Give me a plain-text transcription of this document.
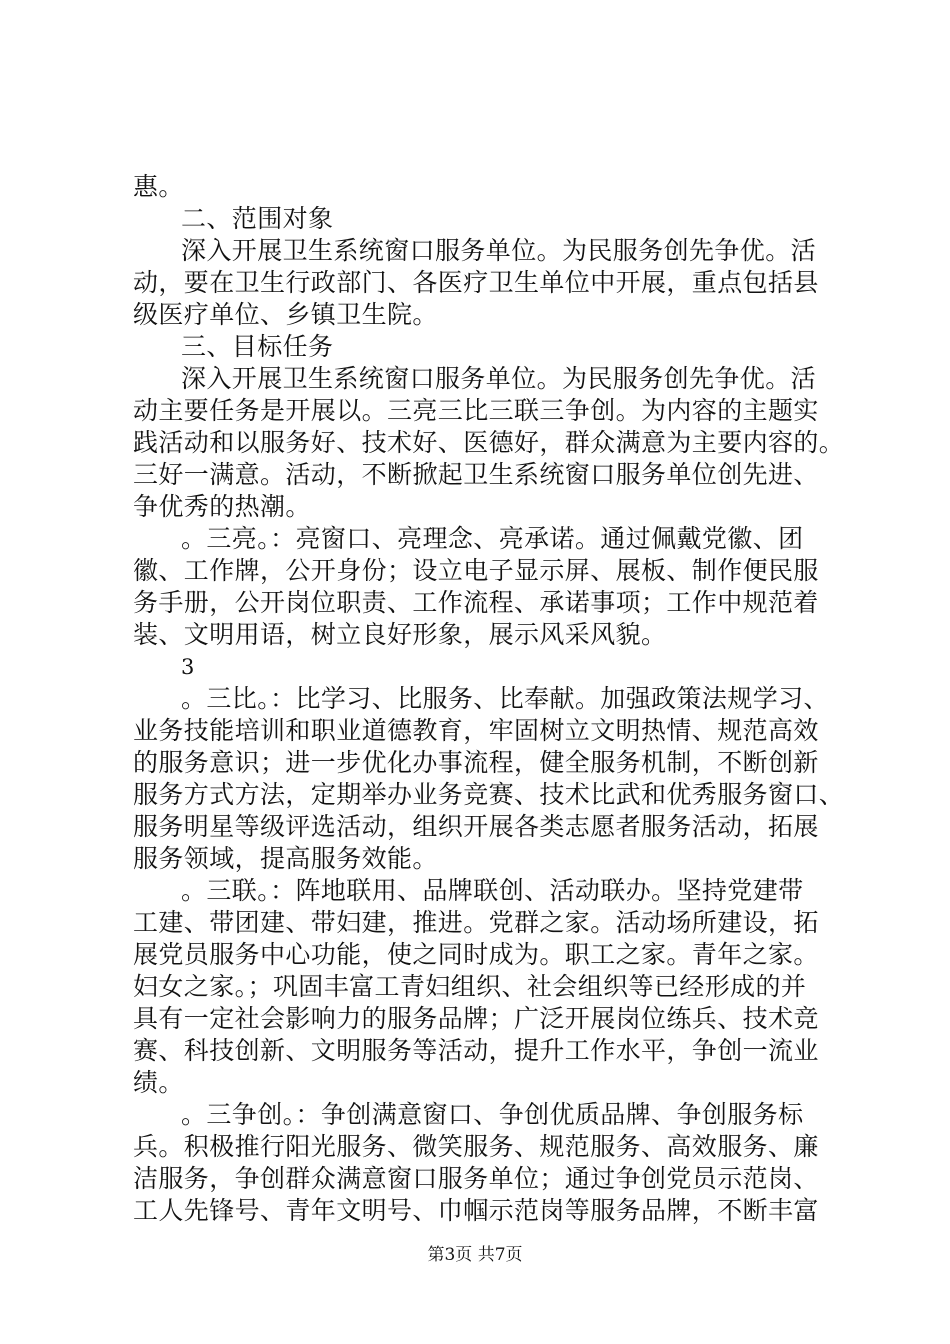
惠。
二、范围对象
深入开展卫生系统窗口服务单位。为民服务创先争优。活
动，要在卫生行政部门、各医疗卫生单位中开展，重点包括县
级医疗单位、乡镇卫生院。
三、目标任务
深入开展卫生系统窗口服务单位。为民服务创先争优。活
动主要任务是开展以。三亮三比三联三争创。为内容的主题实
践活动和以服务好、技术好、医德好，群众满意为主要内容的。
三好一满意。活动，不断掀起卫生系统窗口服务单位创先进、
争优秀的热潮。
。三亮。：亮窗口、亮理念、亮承诺。通过佩戴党徽、团
徽、工作牌，公开身份；设立电子显示屏、展板、制作便民服
务手册，公开岗位职责、工作流程、承诺事项；工作中规范着
装、文明用语，树立良好形象，展示风采风貌。
3
。三比。：比学习、比服务、比奉献。加强政策法规学习、
业务技能培训和职业道德教育，牢固树立文明热情、规范高效
的服务意识；进一步优化办事流程，健全服务机制，不断创新
服务方式方法，定期举办业务竞赛、技术比武和优秀服务窗口、
服务明星等级评选活动，组织开展各类志愿者服务活动，拓展
服务领域，提高服务效能。
。三联。：阵地联用、品牌联创、活动联办。坚持党建带
工建、带团建、带妇建，推进。党群之家。活动场所建设，拓
展党员服务中心功能，使之同时成为。职工之家。青年之家。
妇女之家。；巩固丰富工青妇组织、社会组织等已经形成的并
具有一定社会影响力的服务品牌；广泛开展岗位练兵、技术竞
赛、科技创新、文明服务等活动，提升工作水平，争创一流业
绩。
。三争创。：争创满意窗口、争创优质品牌、争创服务标
兵。积极推行阳光服务、微笑服务、规范服务、高效服务、廉
洁服务，争创群众满意窗口服务单位；通过争创党员示范岗、
工人先锋号、青年文明号、巾帼示范岗等服务品牌，不断丰富
第3页 共7页
